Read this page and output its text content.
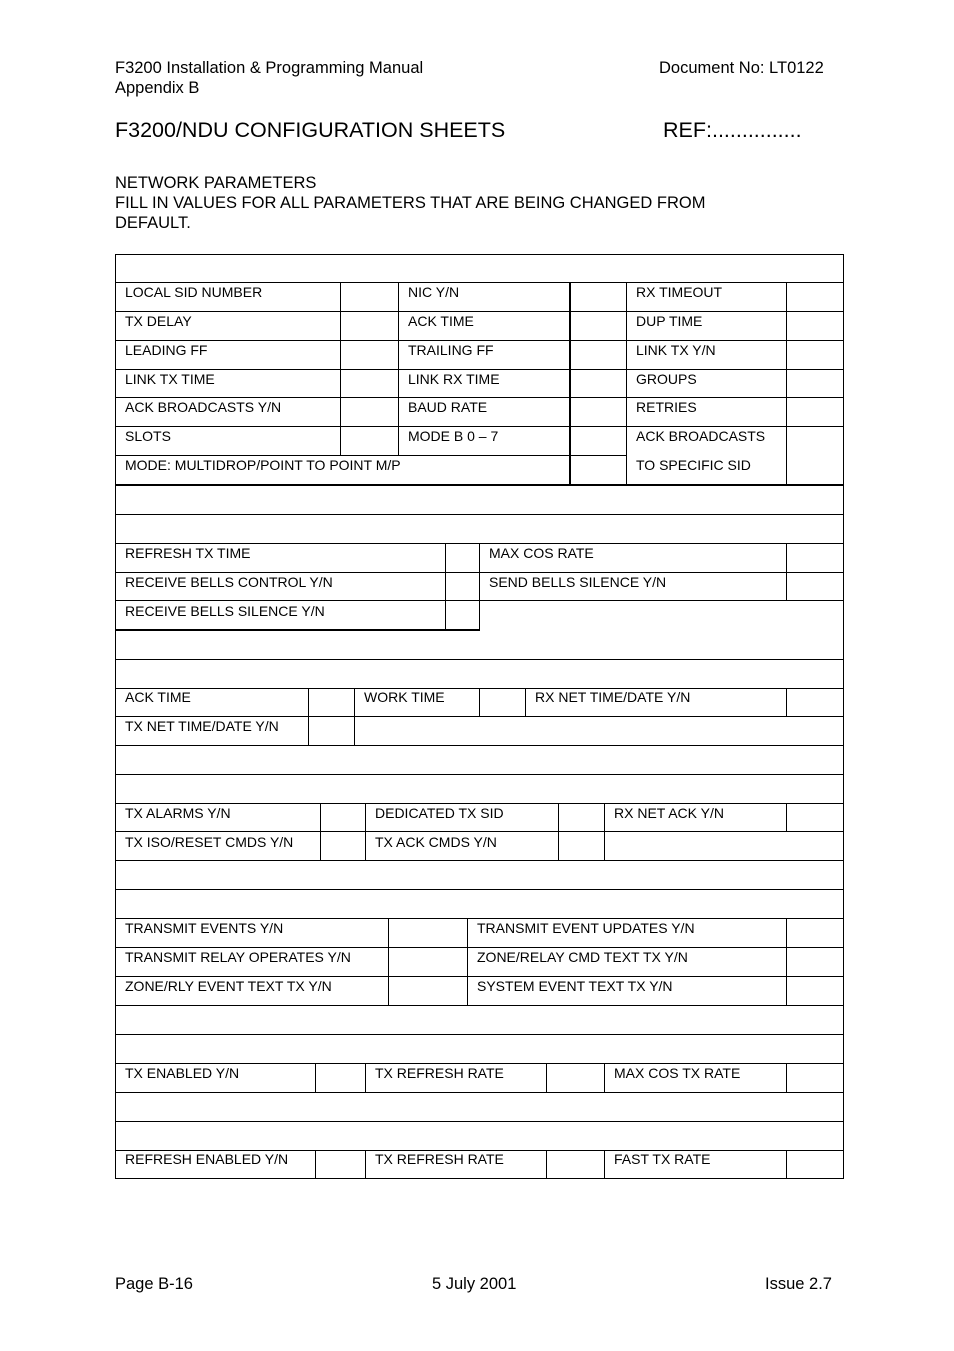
F3200 Installation & Programming Manual
Appendix B
Document No: LT0122
F3200/NDU CONFIGURATION SHEETS	REF:...............
NETWORK PARAMETERS
FILL IN VALUES FOR ALL PARAMETERS THAT ARE BEING CHANGED FROM
DEFAULT.
LOCAL SID NUMBER	NIC Y/N	RX TIMEOUT
TX DELAY	ACK TIME	DUP TIME
LEADING FF	TRAILING FF	LINK TX Y/N
LINK TX TIME	LINK RX TIME	GROUPS
ACK BROADCASTS Y/N	BAUD RATE	RETRIES
SLOTS	MODE B 0 – 7	ACK BROADCASTS
MODE: MULTIDROP/POINT TO POINT M/P	TO SPECIFIC SID
REFRESH TX TIME	MAX COS RATE
RECEIVE BELLS CONTROL Y/N	SEND BELLS SILENCE Y/N
RECEIVE BELLS SILENCE Y/N
ACK TIME	WORK TIME	RX NET TIME/DATE Y/N
TX NET TIME/DATE Y/N
TX ALARMS Y/N	DEDICATED TX SID	RX NET ACK Y/N
TX ISO/RESET CMDS Y/N	TX ACK CMDS Y/N
TRANSMIT EVENTS Y/N	TRANSMIT EVENT UPDATES Y/N
TRANSMIT RELAY OPERATES Y/N	ZONE/RELAY CMD TEXT TX Y/N
ZONE/RLY EVENT TEXT TX Y/N	SYSTEM EVENT TEXT TX Y/N
TX ENABLED Y/N	TX REFRESH RATE	MAX COS TX RATE
REFRESH ENABLED Y/N	TX REFRESH RATE	FAST TX RATE
Page B-16	5 July 2001	Issue 2.7
